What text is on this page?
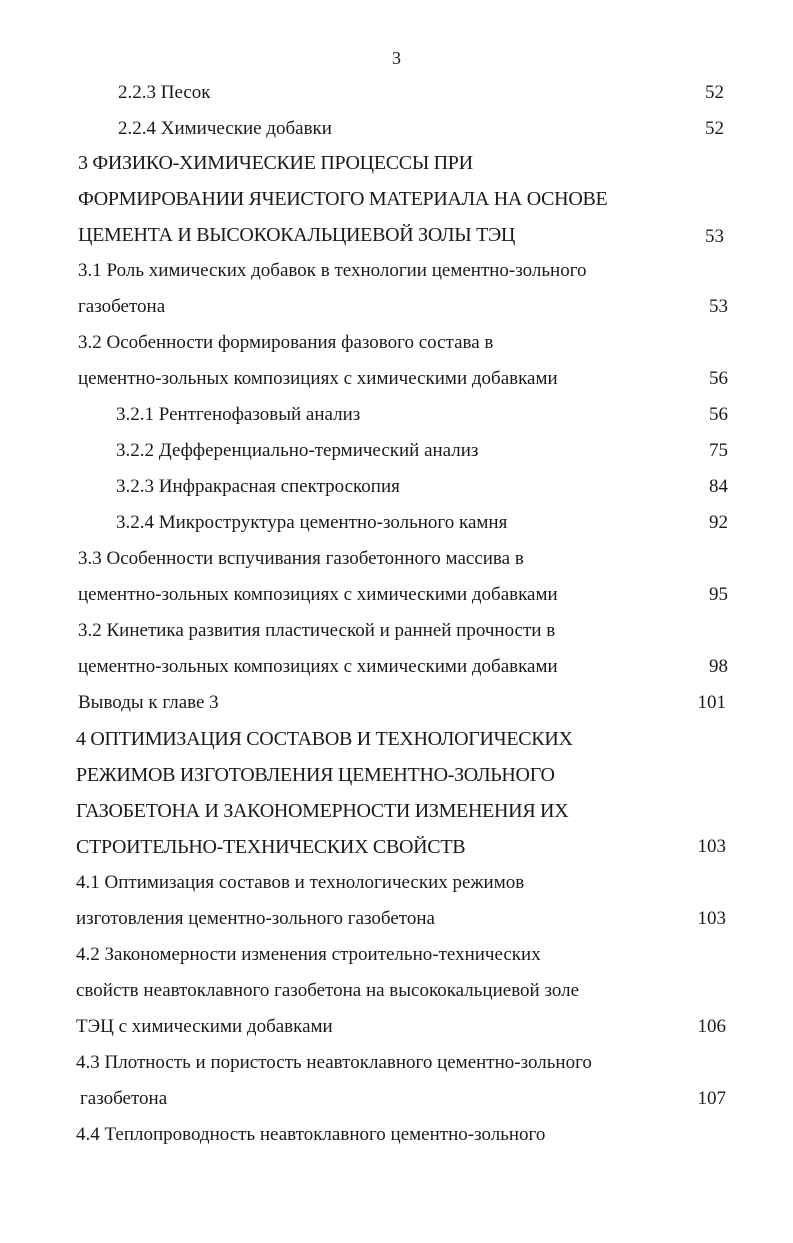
3
2.2.3 Песок	52
2.2.4 Химические добавки	52
3 ФИЗИКО-ХИМИЧЕСКИЕ ПРОЦЕССЫ ПРИ
ФОРМИРОВАНИИ ЯЧЕИСТОГО МАТЕРИАЛА НА ОСНОВЕ
ЦЕМЕНТА И ВЫСОКОКАЛЬЦИЕВОЙ ЗОЛЫ ТЭЦ	53
3.1 Роль химических добавок в технологии цементно-зольного
газобетона	53
3.2 Особенности формирования фазового состава в
цементно-зольных композициях с химическими добавками	56
3.2.1 Рентгенофазовый анализ	56
3.2.2 Дефференциально-термический анализ	75
3.2.3 Инфракрасная спектроскопия	84
3.2.4 Микроструктура цементно-зольного камня	92
3.3 Особенности вспучивания газобетонного массива в
цементно-зольных композициях с химическими добавками	95
3.2 Кинетика развития пластической и ранней прочности в
цементно-зольных композициях с химическими добавками	98
Выводы к главе 3	101
4 ОПТИМИЗАЦИЯ СОСТАВОВ И ТЕХНОЛОГИЧЕСКИХ
РЕЖИМОВ ИЗГОТОВЛЕНИЯ ЦЕМЕНТНО-ЗОЛЬНОГО
ГАЗОБЕТОНА И ЗАКОНОМЕРНОСТИ ИЗМЕНЕНИЯ ИХ
СТРОИТЕЛЬНО-ТЕХНИЧЕСКИХ СВОЙСТВ	103
4.1 Оптимизация составов и технологических режимов
изготовления цементно-зольного газобетона	103
4.2 Закономерности изменения строительно-технических
свойств неавтоклавного газобетона на высококальциевой золе
ТЭЦ с химическими добавками	106
4.3 Плотность и пористость неавтоклавного цементно-зольного
газобетона	107
4.4 Теплопроводность неавтоклавного цементно-зольного
